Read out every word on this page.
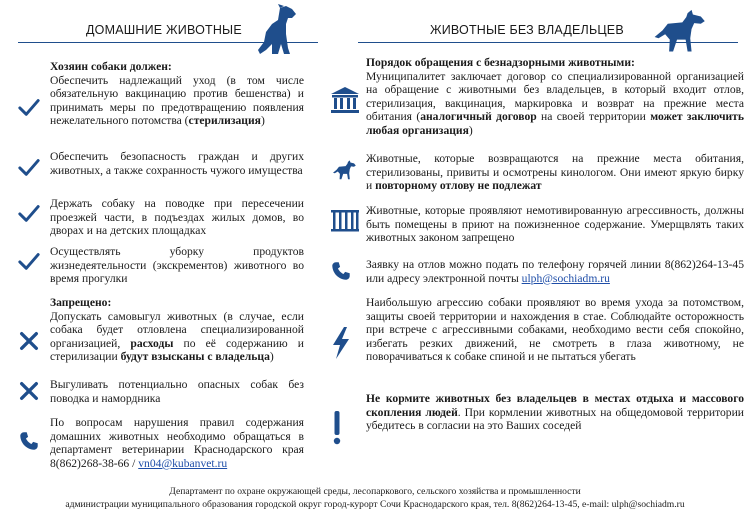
ДОМАШНИЕ ЖИВОТНЫЕ
Хозяин собаки должен:

Обеспечить надлежащий уход (в том числе обязательную вакцинацию против бешенства) и принимать меры по предотвращению появления нежелательного потомства (стерилизация)

Обеспечить безопасность граждан и других животных, а также сохранность чужого имущества

Держать собаку на поводке при пересечении проезжей части, в подъездах жилых домов, во дворах и на детских площадках

Осуществлять уборку продуктов жизнедеятельности (экскрементов) животного во время прогулки

Запрещено:

Допускать самовыгул животных (в случае, если собака будет отловлена специализированной организацией, расходы по её содержанию и стерилизации будут взысканы с владельца)

Выгуливать потенциально опасных собак без поводка и намордника

По вопросам нарушения правил содержания домашних животных необходимо обращаться в департамент ветеринарии Краснодарского края 8(862)268-38-66 / vn04@kubanvet.ru

ЖИВОТНЫЕ БЕЗ ВЛАДЕЛЬЦЕВ
Порядок обращения с безнадзорными животными:

Муниципалитет заключает договор со специализированной организацией на обращение с животными без владельцев, в который входит отлов, стерилизация, вакцинация, маркировка и возврат на прежние места обитания (аналогичный договор на своей территории может заключить любая организация)

Животные, которые возвращаются на прежние места обитания, стерилизованы, привиты и осмотрены кинологом. Они имеют яркую бирку и повторному отлову не подлежат

Животные, которые проявляют немотивированную агрессивность, должны быть помещены в приют на пожизненное содержание. Умерщвлять таких животных законом запрещено

Заявку на отлов можно подать по телефону горячей линии 8(862)264-13-45 или адресу электронной почты ulph@sochiadm.ru

Наибольшую агрессию собаки проявляют во время ухода за потомством, защиты своей территории и нахождения в стае. Соблюдайте осторожность при встрече с агрессивными собаками, необходимо вести себя спокойно, избегать резких движений, не смотреть в глаза животному, не поворачиваться к собаке спиной и не пытаться убегать

Не кормите животных без владельцев в местах отдыха и массового скопления людей. При кормлении животных на общедомовой территории убедитесь в согласии на это Ваших соседей

Департамент по охране окружающей среды, лесопаркового, сельского хозяйства и промышленности
администрации муниципального образования городской округ город-курорт Сочи Краснодарского края, тел. 8(862)264-13-45, e-mail: ulph@sochiadm.ru
